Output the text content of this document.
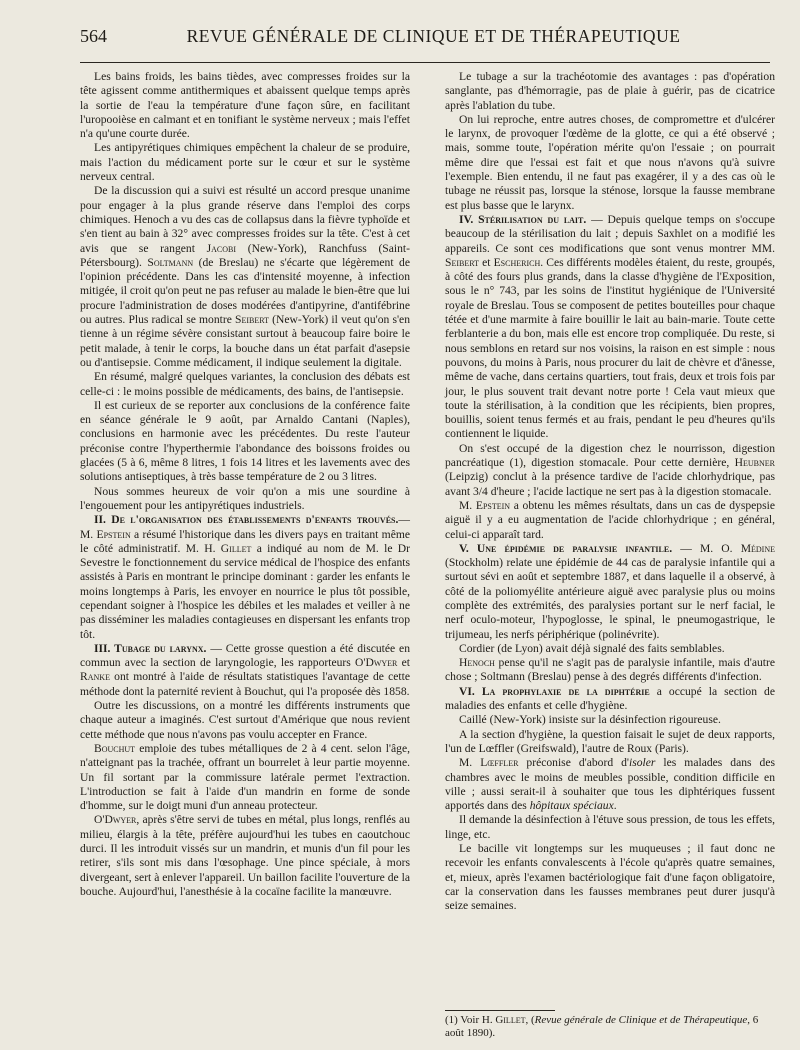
564	REVUE GÉNÉRALE DE CLINIQUE ET DE THÉRAPEUTIQUE

Les bains froids, les bains tièdes, avec compresses froides sur la tête agissent comme antithermiques et abaissent quelque temps après la sortie de l'eau la température d'une façon sûre, en facilitant l'uropooièse en calmant et en tonifiant le système nerveux ; mais l'effet n'a qu'une courte durée.

Les antipyrétiques chimiques empêchent la chaleur de se produire, mais l'action du médicament porte sur le cœur et sur le système nerveux central.

De la discussion qui a suivi est résulté un accord presque unanime pour engager à la plus grande réserve dans l'emploi des corps chimiques. Henoch a vu des cas de collapsus dans la fièvre typhoïde et s'en tient au bain à 32° avec compresses froides sur la tête. C'est à cet avis que se rangent Jacobi (New-York), Ranchfuss (Saint-Pétersbourg). Soltmann (de Breslau) ne s'écarte que légèrement de l'opinion précédente. Dans les cas d'intensité moyenne, à infection mitigée, il croit qu'on peut ne pas refuser au malade le bien-être que lui procure l'administration de doses modérées d'antipyrine, d'antifébrine ou autres. Plus radical se montre Seibert (New-York) il veut qu'on s'en tienne à un régime sévère consistant surtout à beaucoup faire boire le petit malade, à tenir le corps, la bouche dans un état parfait d'asepsie ou d'antisepsie. Comme médicament, il indique seulement la digitale.

En résumé, malgré quelques variantes, la conclusion des débats est celle-ci : le moins possible de médicaments, des bains, de l'antisepsie.

Il est curieux de se reporter aux conclusions de la conférence faite en séance générale le 9 août, par Arnaldo Cantani (Naples), conclusions en harmonie avec les précédentes. Du reste l'auteur préconise contre l'hyperthermie l'abondance des boissons froides ou glacées (5 à 6, même 8 litres, 1 fois 14 litres et les lavements avec des solutions antiseptiques, à très basse température de 2 ou 3 litres.

Nous sommes heureux de voir qu'on a mis une sourdine à l'engouement pour les antipyrétiques industriels.

II. De l'organisation des établissements d'enfants trouvés.— M. Epstein a résumé l'historique dans les divers pays en traitant même le côté administratif. M. H. Gillet a indiqué au nom de M. le Dr Sevestre le fonctionnement du service médical de l'hospice des enfants assistés à Paris en montrant le principe dominant : garder les enfants le moins longtemps à Paris, les envoyer en nourrice le plus tôt possible, cependant soigner à l'hospice les débiles et les malades et veiller à ne pas disséminer les maladies contagieuses en dispersant les enfants trop tôt.

III. Tubage du larynx. — Cette grosse question a été discutée en commun avec la section de laryngologie, les rapporteurs O'Dwyer et Ranke ont montré à l'aide de résultats statistiques l'avantage de cette méthode dont la paternité revient à Bouchut, qui l'a proposée dès 1858.

Outre les discussions, on a montré les différents instruments que chaque auteur a imaginés. C'est surtout d'Amérique que nous revient cette méthode que nous n'avons pas voulu accepter en France.

Bouchut emploie des tubes métalliques de 2 à 4 cent. selon l'âge, n'atteignant pas la trachée, offrant un bourrelet à leur partie moyenne. Un fil sortant par la commissure latérale permet l'extraction. L'introduction se fait à l'aide d'un mandrin en forme de sonde d'homme, sur le doigt muni d'un anneau protecteur.

O'Dwyer, après s'être servi de tubes en métal, plus longs, renflés au milieu, élargis à la tête, préfère aujourd'hui les tubes en caoutchouc durci. Il les introduit vissés sur un mandrin, et munis d'un fil pour les retirer, s'ils sont mis dans l'œsophage. Une pince spéciale, à mors divergeant, sert à enlever l'appareil. Un baillon facilite l'ouverture de la bouche. Aujourd'hui, l'anesthésie à la cocaïne facilite la manœuvre.

Le tubage a sur la trachéotomie des avantages : pas d'opération sanglante, pas d'hémorragie, pas de plaie à guérir, pas de cicatrice après l'ablation du tube.

On lui reproche, entre autres choses, de compromettre et d'ulcérer le larynx, de provoquer l'œdème de la glotte, ce qui a été observé ; mais, somme toute, l'opération mérite qu'on l'essaie ; on pourrait même dire que l'essai est fait et que nous n'avons qu'à suivre l'exemple. Bien entendu, il ne faut pas exagérer, il y a des cas où le tubage ne réussit pas, lorsque la sténose, lorsque la fausse membrane est plus basse que le larynx.

IV. Stérilisation du lait. — Depuis quelque temps on s'occupe beaucoup de la stérilisation du lait ; depuis Saxhlet on a modifié les appareils. Ce sont ces modifications que sont venus montrer MM. Seibert et Escherich. Ces différents modèles étaient, du reste, groupés, à côté des fours plus grands, dans la classe d'hygiène de l'Exposition, sous le n° 743, par les soins de l'institut hygiénique de l'Université royale de Breslau. Tous se composent de petites bouteilles pour chaque tétée et d'une marmite à faire bouillir le lait au bain-marie. Toute cette ferblanterie a du bon, mais elle est encore trop compliquée. Du reste, si nous semblons en retard sur nos voisins, la raison en est simple : nous pouvons, du moins à Paris, nous procurer du lait de chèvre et d'ânesse, même de vache, dans certains quartiers, tout frais, deux et trois fois par jour, le plus souvent trait devant notre porte ! Cela vaut mieux que toute la stérilisation, à la condition que les récipients, bien propres, bouillis, soient tenus fermés et au frais, pendant le peu d'heures qu'ils contiennent le liquide.

On s'est occupé de la digestion chez le nourrisson, digestion pancréatique (1), digestion stomacale. Pour cette dernière, Heubner (Leipzig) conclut à la présence tardive de l'acide chlorhydrique, pas avant 3/4 d'heure ; l'acide lactique ne sert pas à la digestion stomacale.

M. Epstein a obtenu les mêmes résultats, dans un cas de dyspepsie aiguë il y a eu augmentation de l'acide chlorhydrique ; en général, celui-ci apparaît tard.

V. Une épidémie de paralysie infantile. — M. O. Médine (Stockholm) relate une épidémie de 44 cas de paralysie infantile qui a surtout sévi en août et septembre 1887, et dans laquelle il a observé, à côté de la poliomyélite antérieure aiguë avec paralysie plus ou moins complète des extrémités, des paralysies portant sur le nerf facial, le nerf oculo-moteur, l'hypoglosse, le spinal, le pneumogastrique, le trijumeau, les nerfs périphérique (polinévrite).

Cordier (de Lyon) avait déjà signalé des faits semblables.

Henoch pense qu'il ne s'agit pas de paralysie infantile, mais d'autre chose ; Soltmann (Breslau) pense à des degrés différents d'infection.

VI. La prophylaxie de la diphtérie a occupé la section de maladies des enfants et celle d'hygiène.

Caillé (New-York) insiste sur la désinfection rigoureuse.

A la section d'hygiène, la question faisait le sujet de deux rapports, l'un de Lœffler (Greifswald), l'autre de Roux (Paris).

M. Lœffler préconise d'abord d'isoler les malades dans des chambres avec le moins de meubles possible, condition difficile en ville ; aussi serait-il à souhaiter que tous les diphtériques fussent apportés dans des hôpitaux spéciaux.

Il demande la désinfection à l'étuve sous pression, de tous les effets, linge, etc.

Le bacille vit longtemps sur les muqueuses ; il faut donc ne recevoir les enfants convalescents à l'école qu'après quatre semaines, et, mieux, après l'examen bactériologique fait d'une façon obligatoire, car la conservation dans les fausses membranes peut durer jusqu'à seize semaines.

(1) Voir H. Gillet, (Revue générale de Clinique et de Thérapeutique, 6 août 1890).
